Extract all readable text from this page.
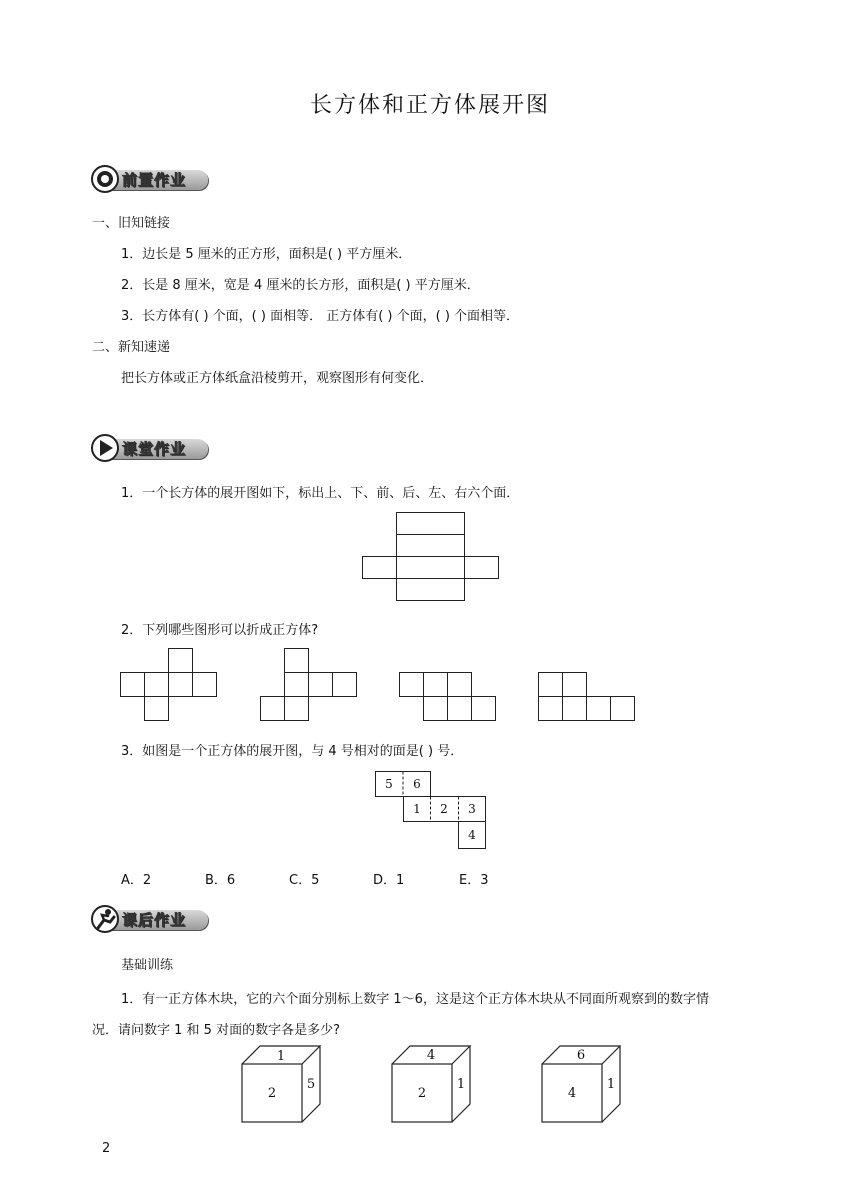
长方体和正方体展开图
前置作业
一、旧知链接
1．边长是 5 厘米的正方形，面积是( ) 平方厘米．
2．长是 8 厘米，宽是 4 厘米的长方形，面积是( ) 平方厘米．
3．长方体有( ) 个面，( ) 面相等． 正方体有( ) 个面，( ) 个面相等．
二、新知速递
把长方体或正方体纸盒沿棱剪开，观察图形有何变化．
课堂作业
1．一个长方体的展开图如下，标出上、下、前、后、左、右六个面．
2．下列哪些图形可以折成正方体?
3．如图是一个正方体的展开图，与 4 号相对的面是( ) 号．
5 6
1 2 3
4
A．2	B．6	C．5	D．1	E．3
课后作业
基础训练
1．有一正方体木块，它的六个面分别标上数字 1～6，这是这个正方体木块从不同面所观察到的数字情
况．请问数字 1 和 5 对面的数字各是多少?
1
2
5
4
2
1
6
4
1
2
